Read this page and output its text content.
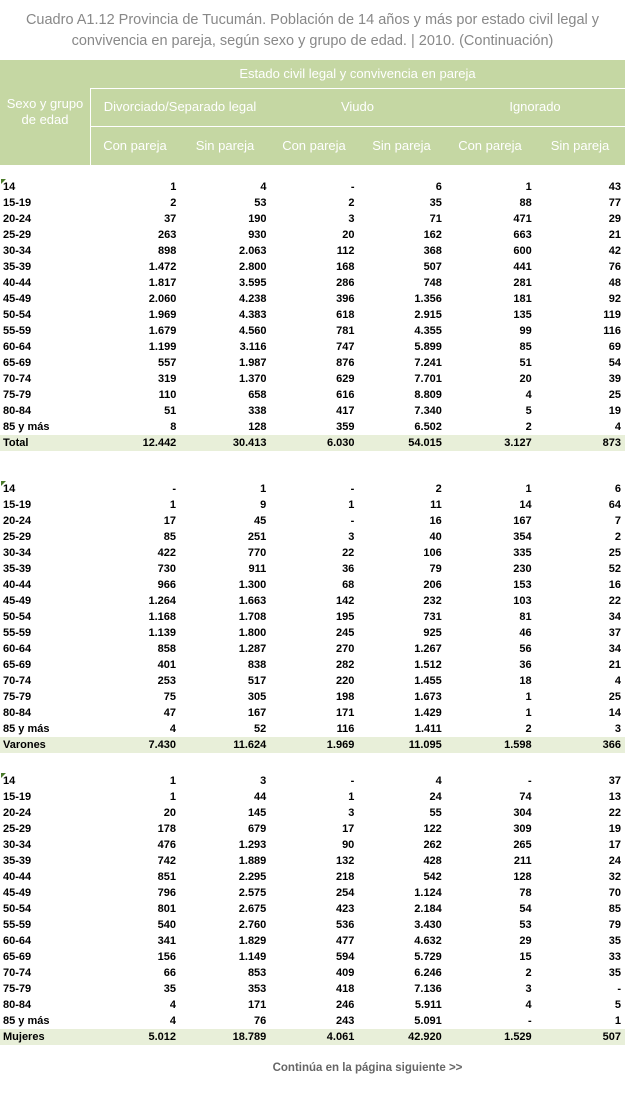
Cuadro A1.12 Provincia de Tucumán. Población de 14 años y más por estado civil legal y convivencia en pareja, según sexo y grupo de edad. | 2010. (Continuación)
Sexo y grupo de edad
Estado civil legal y convivencia en pareja
Divorciado/Separado legal	Viudo	Ignorado
Con pareja	Sin pareja	Con pareja	Sin pareja	Con pareja	Sin pareja
14	1	4	-	6	1	43
15-19	2	53	2	35	88	77
20-24	37	190	3	71	471	29
25-29	263	930	20	162	663	21
30-34	898	2.063	112	368	600	42
35-39	1.472	2.800	168	507	441	76
40-44	1.817	3.595	286	748	281	48
45-49	2.060	4.238	396	1.356	181	92
50-54	1.969	4.383	618	2.915	135	119
55-59	1.679	4.560	781	4.355	99	116
60-64	1.199	3.116	747	5.899	85	69
65-69	557	1.987	876	7.241	51	54
70-74	319	1.370	629	7.701	20	39
75-79	110	658	616	8.809	4	25
80-84	51	338	417	7.340	5	19
85 y más	8	128	359	6.502	2	4
Total	12.442	30.413	6.030	54.015	3.127	873
14	-	1	-	2	1	6
15-19	1	9	1	11	14	64
20-24	17	45	-	16	167	7
25-29	85	251	3	40	354	2
30-34	422	770	22	106	335	25
35-39	730	911	36	79	230	52
40-44	966	1.300	68	206	153	16
45-49	1.264	1.663	142	232	103	22
50-54	1.168	1.708	195	731	81	34
55-59	1.139	1.800	245	925	46	37
60-64	858	1.287	270	1.267	56	34
65-69	401	838	282	1.512	36	21
70-74	253	517	220	1.455	18	4
75-79	75	305	198	1.673	1	25
80-84	47	167	171	1.429	1	14
85 y más	4	52	116	1.411	2	3
Varones	7.430	11.624	1.969	11.095	1.598	366
14	1	3	-	4	-	37
15-19	1	44	1	24	74	13
20-24	20	145	3	55	304	22
25-29	178	679	17	122	309	19
30-34	476	1.293	90	262	265	17
35-39	742	1.889	132	428	211	24
40-44	851	2.295	218	542	128	32
45-49	796	2.575	254	1.124	78	70
50-54	801	2.675	423	2.184	54	85
55-59	540	2.760	536	3.430	53	79
60-64	341	1.829	477	4.632	29	35
65-69	156	1.149	594	5.729	15	33
70-74	66	853	409	6.246	2	35
75-79	35	353	418	7.136	3	-
80-84	4	171	246	5.911	4	5
85 y más	4	76	243	5.091	-	1
Mujeres	5.012	18.789	4.061	42.920	1.529	507
Continúa en la página siguiente >>
